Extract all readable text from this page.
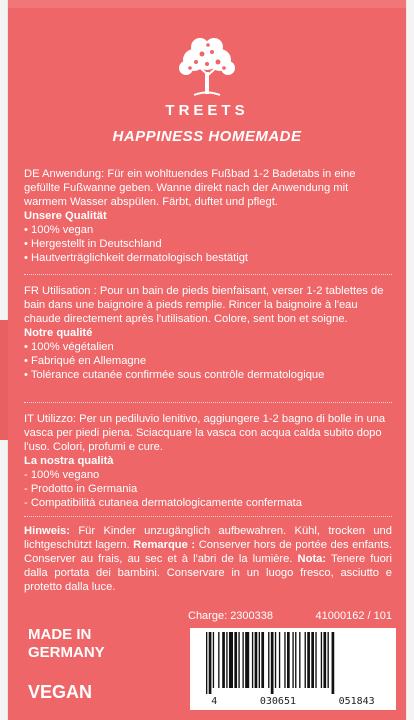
TREETS
HAPPINESS HOMEMADE
DE Anwendung: Für ein wohltuendes Fußbad 1-2 Badetabs in eine gefüllte Fußwanne geben. Wanne direkt nach der Anwendung mit warmem Wasser abspülen. Färbt, duftet und pflegt.
Unsere Qualität
• 100% vegan
• Hergestellt in Deutschland
• Hautverträglichkeit dermatologisch bestätigt
FR Utilisation : Pour un bain de pieds bienfaisant, verser 1-2 tablettes de bain dans une baignoire à pieds remplie. Rincer la baignoire à l'eau chaude directement après l'utilisation. Colore, sent bon et soigne.
Notre qualité
• 100% végétalien
• Fabriqué en Allemagne
• Tolérance cutanée confirmée sous contrôle dermatologique
IT Utilizzo: Per un pediluvio lenitivo, aggiungere 1-2 bagno di bolle in una vasca per piedi piena. Sciacquare la vasca con acqua calda subito dopo l'uso. Colori, profumi e cure.
La nostra qualità
- 100% vegano
- Prodotto in Germania
- Compatibilità cutanea dermatologicamente confermata
Hinweis: Für Kinder unzugänglich aufbewahren. Kühl, trocken und lichtgeschützt lagern. Remarque : Conserver hors de portée des enfants. Conserver au frais, au sec et à l'abri de la lumière. Nota: Tenere fuori dalla portata dei bambini. Conservare in un luogo fresco, asciutto e protetto dalla luce.
Charge: 2300338	41000162 / 101
MADE IN
GERMANY
VEGAN	4	030651	051843
